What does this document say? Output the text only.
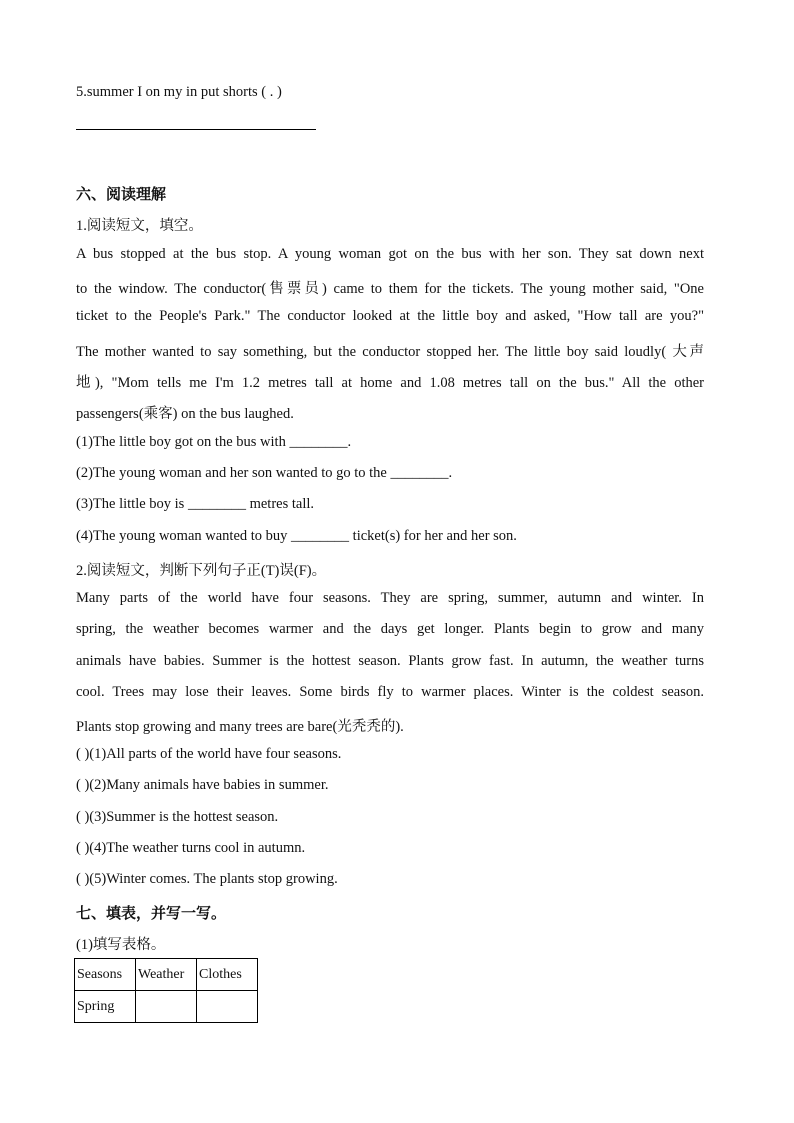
5.summer I on my in put shorts ( . )
六、阅读理解
1.阅读短文，填空。
A bus stopped at the bus stop. A young woman got on the bus with her son. They sat down next
to the window. The conductor(售票员) came to them for the tickets. The young mother said, "One
ticket to the People's Park." The conductor looked at the little boy and asked, "How tall are you?"
The mother wanted to say something, but the conductor stopped her. The little boy said loudly( 大声
地), "Mom tells me I'm 1.2 metres tall at home and 1.08 metres tall on the bus." All the other
passengers(乘客) on the bus laughed.
(1)The little boy got on the bus with ________.
(2)The young woman and her son wanted to go to the ________.
(3)The little boy is ________ metres tall.
(4)The young woman wanted to buy ________ ticket(s) for her and her son.
2.阅读短文，判断下列句子正(T)误(F)。
Many parts of the world have four seasons. They are spring, summer, autumn and winter. In
spring, the weather becomes warmer and the days get longer. Plants begin to grow and many
animals have babies. Summer is the hottest season. Plants grow fast. In autumn, the weather turns
cool. Trees may lose their leaves. Some birds fly to warmer places. Winter is the coldest season.
Plants stop growing and many trees are bare(光秃秃的).
( )(1)All parts of the world have four seasons.
( )(2)Many animals have babies in summer.
( )(3)Summer is the hottest season.
( )(4)The weather turns cool in autumn.
( )(5)Winter comes. The plants stop growing.
七、填表，并写一写。
(1)填写表格。
Seasons	Weather	Clothes
Spring		
